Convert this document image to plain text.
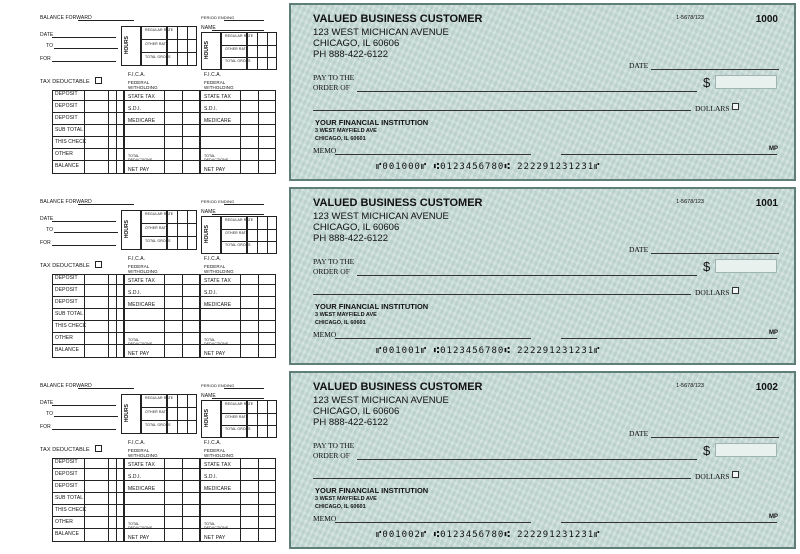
BALANCE FORWARD
DATE
TO
FOR
HOURS
REGULAR RATE
OTHER RATE
TOTAL GROSS
PERIOD ENDING
NAME
HOURS
REGULAR RATE
OTHER RATE
TOTAL GROSS
TAX DEDUCTABLE
F.I.C.A.	F.I.C.A.
FEDERAL WITHOLDING
FEDERAL WITHOLDING
STATE TAX	STATE TAX
S.D.I.	S.D.I.
MEDICARE	MEDICARE
TOTAL DEDUCTIONS
TOTAL DEDUCTIONS
NET PAY	NET PAY
DEPOSIT
DEPOSIT
DEPOSIT
SUB TOTAL
THIS CHECK
OTHER
BALANCE
BALANCE FORWARD
DATE
TO
FOR
HOURS
REGULAR RATE
OTHER RATE
TOTAL GROSS
PERIOD ENDING
NAME
HOURS
REGULAR RATE
OTHER RATE
TOTAL GROSS
TAX DEDUCTABLE
F.I.C.A.	F.I.C.A.
FEDERAL WITHOLDING
FEDERAL WITHOLDING
STATE TAX	STATE TAX
S.D.I.	S.D.I.
MEDICARE	MEDICARE
TOTAL DEDUCTIONS
TOTAL DEDUCTIONS
NET PAY	NET PAY
DEPOSIT
DEPOSIT
DEPOSIT
SUB TOTAL
THIS CHECK
OTHER
BALANCE
BALANCE FORWARD
DATE
TO
FOR
HOURS
REGULAR RATE
OTHER RATE
TOTAL GROSS
PERIOD ENDING
NAME
HOURS
REGULAR RATE
OTHER RATE
TOTAL GROSS
TAX DEDUCTABLE
F.I.C.A.	F.I.C.A.
FEDERAL WITHOLDING
FEDERAL WITHOLDING
STATE TAX	STATE TAX
S.D.I.	S.D.I.
MEDICARE	MEDICARE
TOTAL DEDUCTIONS
TOTAL DEDUCTIONS
NET PAY	NET PAY
DEPOSIT
DEPOSIT
DEPOSIT
SUB TOTAL
THIS CHECK
OTHER
BALANCE
VALUED BUSINESS CUSTOMER
123 WEST MICHICAN AVENUE
CHICAGO, IL 60606
PH 888-422-6122
1-5678/123	1000
DATE
PAY TO THE
ORDER OF	$
DOLLARS
YOUR FINANCIAL INSTITUTION
3 WEST MAYFIELD AVE
CHICAGO, IL 60601
MEMO	MP
⑈001000⑈ ⑆0123456780⑆ 222291231231⑈
VALUED BUSINESS CUSTOMER
123 WEST MICHICAN AVENUE
CHICAGO, IL 60606
PH 888-422-6122
1-5678/123	1001
DATE
PAY TO THE
ORDER OF	$
DOLLARS
YOUR FINANCIAL INSTITUTION
3 WEST MAYFIELD AVE
CHICAGO, IL 60601
MEMO	MP
⑈001001⑈ ⑆0123456780⑆ 222291231231⑈
VALUED BUSINESS CUSTOMER
123 WEST MICHICAN AVENUE
CHICAGO, IL 60606
PH 888-422-6122
1-5678/123	1002
DATE
PAY TO THE
ORDER OF	$
DOLLARS
YOUR FINANCIAL INSTITUTION
3 WEST MAYFIELD AVE
CHICAGO, IL 60601
MEMO	MP
⑈001002⑈ ⑆0123456780⑆ 222291231231⑈
